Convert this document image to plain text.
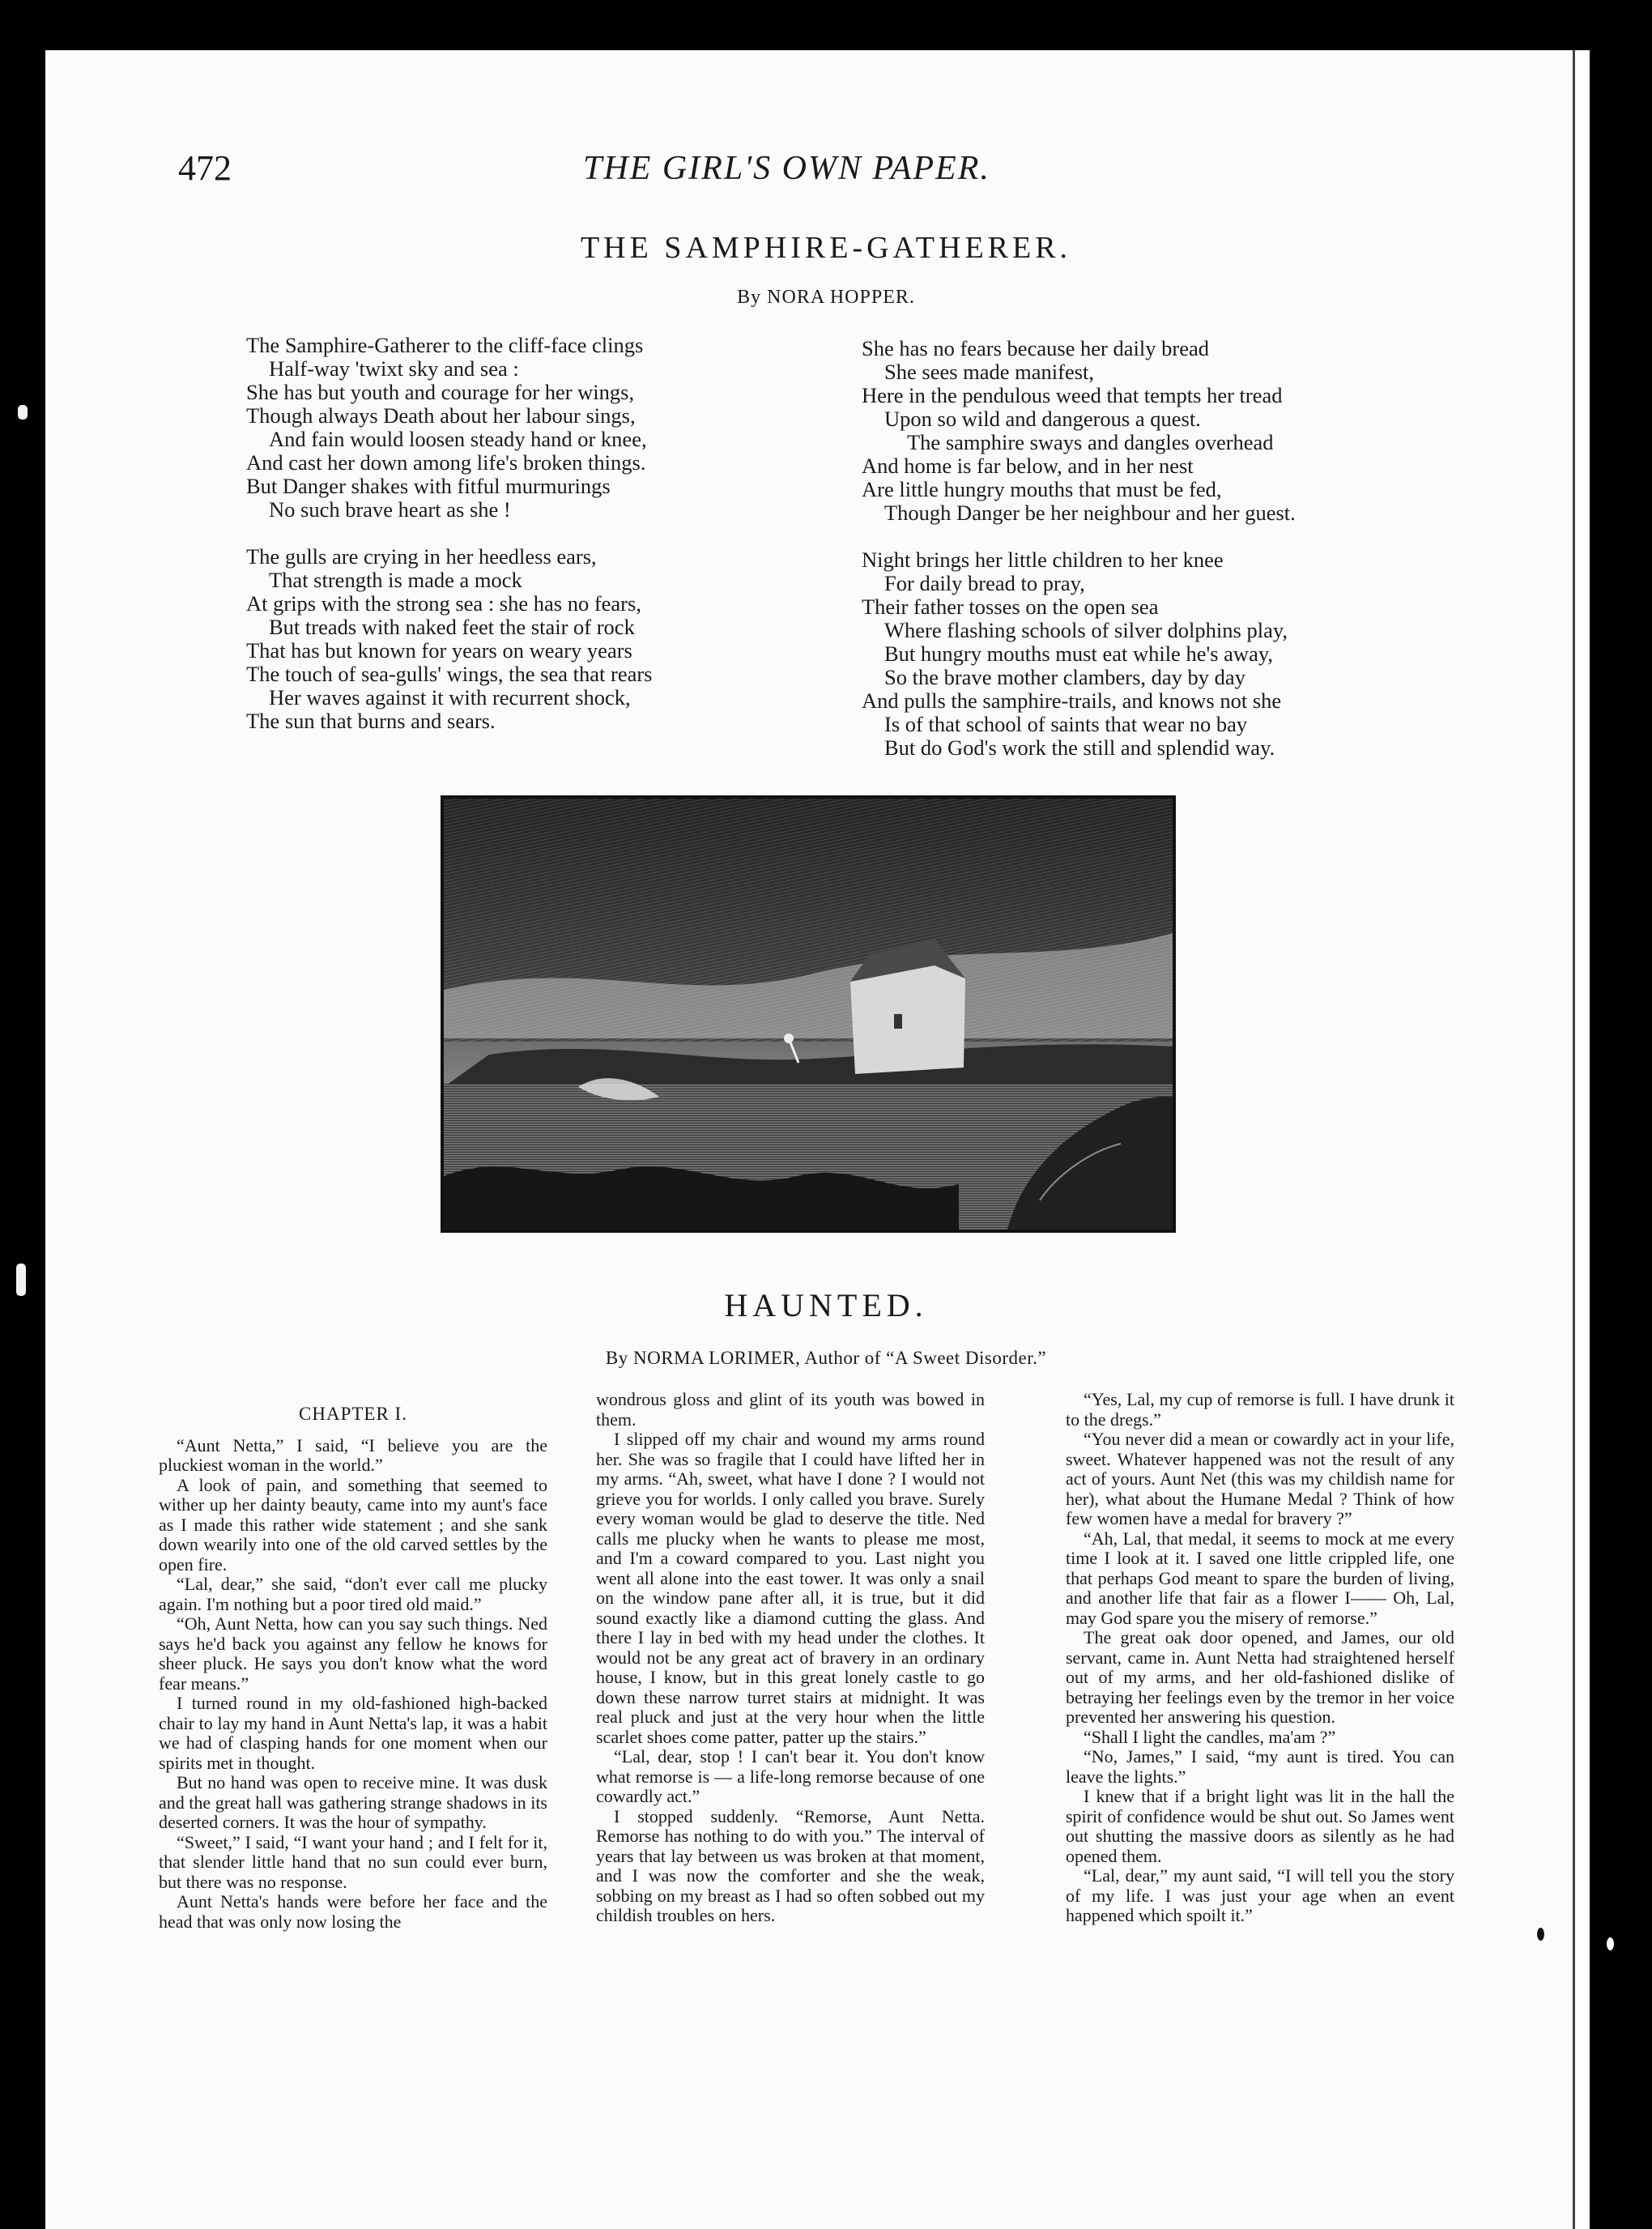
472	THE GIRL'S OWN PAPER.
THE SAMPHIRE-GATHERER.
By NORA HOPPER.
The Samphire-Gatherer to the cliff-face clings
Half-way 'twixt sky and sea :
She has but youth and courage for her wings,
Though always Death about her labour sings,
And fain would loosen steady hand or knee,
And cast her down among life's broken things.
But Danger shakes with fitful murmurings
No such brave heart as she !
The gulls are crying in her heedless ears,
That strength is made a mock
At grips with the strong sea : she has no fears,
But treads with naked feet the stair of rock
That has but known for years on weary years
The touch of sea-gulls' wings, the sea that rears
Her waves against it with recurrent shock,
The sun that burns and sears.
She has no fears because her daily bread
She sees made manifest,
Here in the pendulous weed that tempts her tread
Upon so wild and dangerous a quest.
The samphire sways and dangles overhead
And home is far below, and in her nest
Are little hungry mouths that must be fed,
Though Danger be her neighbour and her guest.
Night brings her little children to her knee
For daily bread to pray,
Their father tosses on the open sea
Where flashing schools of silver dolphins play,
But hungry mouths must eat while he's away,
So the brave mother clambers, day by day
And pulls the samphire-trails, and knows not she
Is of that school of saints that wear no bay
But do God's work the still and splendid way.
HAUNTED.
By NORMA LORIMER, Author of “A Sweet Disorder.”
CHAPTER I.

“Aunt Netta,” I said, “I believe you are the pluckiest woman in the world.”

A look of pain, and something that seemed to wither up her dainty beauty, came into my aunt's face as I made this rather wide statement ; and she sank down wearily into one of the old carved settles by the open fire.

“Lal, dear,” she said, “don't ever call me plucky again. I'm nothing but a poor tired old maid.”

“Oh, Aunt Netta, how can you say such things. Ned says he'd back you against any fellow he knows for sheer pluck. He says you don't know what the word fear means.”

I turned round in my old-fashioned high-backed chair to lay my hand in Aunt Netta's lap, it was a habit we had of clasping hands for one moment when our spirits met in thought.

But no hand was open to receive mine. It was dusk and the great hall was gathering strange shadows in its deserted corners. It was the hour of sympathy.

“Sweet,” I said, “I want your hand ; and I felt for it, that slender little hand that no sun could ever burn, but there was no response.

Aunt Netta's hands were before her face and the head that was only now losing the

wondrous gloss and glint of its youth was bowed in them.

I slipped off my chair and wound my arms round her. She was so fragile that I could have lifted her in my arms. “Ah, sweet, what have I done ? I would not grieve you for worlds. I only called you brave. Surely every woman would be glad to deserve the title. Ned calls me plucky when he wants to please me most, and I'm a coward compared to you. Last night you went all alone into the east tower. It was only a snail on the window pane after all, it is true, but it did sound exactly like a diamond cutting the glass. And there I lay in bed with my head under the clothes. It would not be any great act of bravery in an ordinary house, I know, but in this great lonely castle to go down these narrow turret stairs at midnight. It was real pluck and just at the very hour when the little scarlet shoes come patter, patter up the stairs.”

“Lal, dear, stop ! I can't bear it. You don't know what remorse is — a life-long remorse because of one cowardly act.”

I stopped suddenly. “Remorse, Aunt Netta. Remorse has nothing to do with you.” The interval of years that lay between us was broken at that moment, and I was now the comforter and she the weak, sobbing on my breast as I had so often sobbed out my childish troubles on hers.

“Yes, Lal, my cup of remorse is full. I have drunk it to the dregs.”

“You never did a mean or cowardly act in your life, sweet. Whatever happened was not the result of any act of yours. Aunt Net (this was my childish name for her), what about the Humane Medal ? Think of how few women have a medal for bravery ?”

“Ah, Lal, that medal, it seems to mock at me every time I look at it. I saved one little crippled life, one that perhaps God meant to spare the burden of living, and another life that fair as a flower I—— Oh, Lal, may God spare you the misery of remorse.”

The great oak door opened, and James, our old servant, came in. Aunt Netta had straightened herself out of my arms, and her old-fashioned dislike of betraying her feelings even by the tremor in her voice prevented her answering his question.

“Shall I light the candles, ma'am ?”

“No, James,” I said, “my aunt is tired. You can leave the lights.”

I knew that if a bright light was lit in the hall the spirit of confidence would be shut out. So James went out shutting the massive doors as silently as he had opened them.

“Lal, dear,” my aunt said, “I will tell you the story of my life. I was just your age when an event happened which spoilt it.”
